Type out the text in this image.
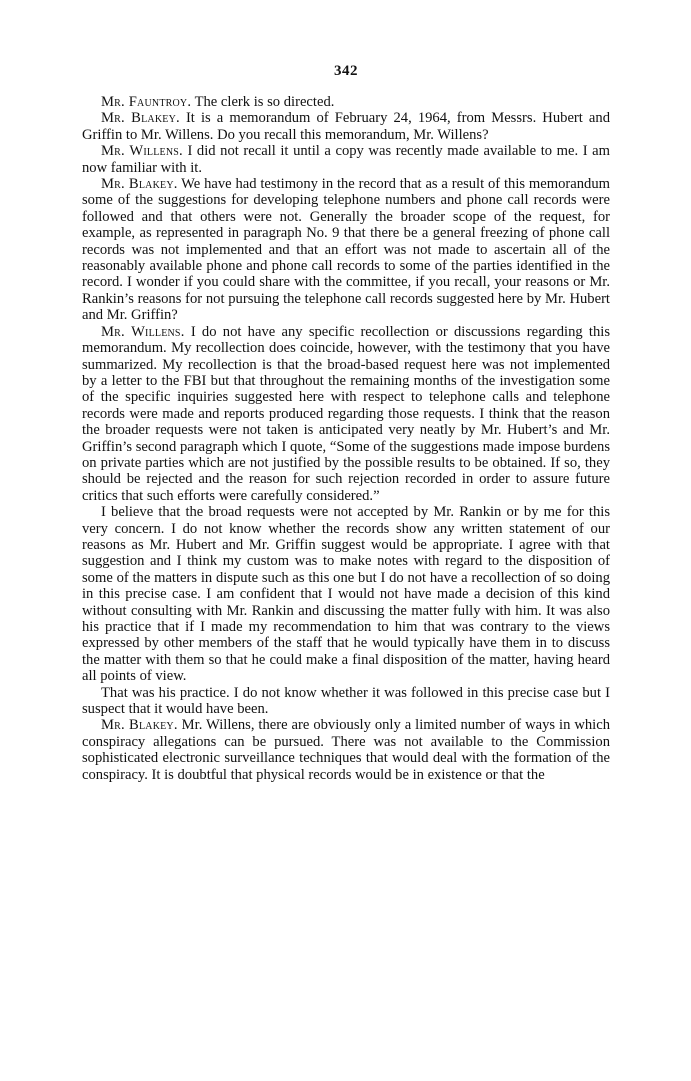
342

Mr. Fauntroy. The clerk is so directed.

Mr. Blakey. It is a memorandum of February 24, 1964, from Messrs. Hubert and Griffin to Mr. Willens. Do you recall this memorandum, Mr. Willens?

Mr. Willens. I did not recall it until a copy was recently made available to me. I am now familiar with it.

Mr. Blakey. We have had testimony in the record that as a result of this memorandum some of the suggestions for developing telephone numbers and phone call records were followed and that others were not. Generally the broader scope of the request, for example, as represented in paragraph No. 9 that there be a general freezing of phone call records was not implemented and that an effort was not made to ascertain all of the reasonably available phone and phone call records to some of the parties identified in the record. I wonder if you could share with the committee, if you recall, your reasons or Mr. Rankin’s reasons for not pursuing the telephone call records suggested here by Mr. Hubert and Mr. Griffin?

Mr. Willens. I do not have any specific recollection or discussions regarding this memorandum. My recollection does coincide, however, with the testimony that you have summarized. My recollection is that the broad-based request here was not implemented by a letter to the FBI but that throughout the remaining months of the investigation some of the specific inquiries suggested here with respect to telephone calls and telephone records were made and reports produced regarding those requests. I think that the reason the broader requests were not taken is anticipated very neatly by Mr. Hubert’s and Mr. Griffin’s second paragraph which I quote, “Some of the suggestions made impose burdens on private parties which are not justified by the possible results to be obtained. If so, they should be rejected and the reason for such rejection recorded in order to assure future critics that such efforts were carefully considered.”

I believe that the broad requests were not accepted by Mr. Rankin or by me for this very concern. I do not know whether the records show any written statement of our reasons as Mr. Hubert and Mr. Griffin suggest would be appropriate. I agree with that suggestion and I think my custom was to make notes with regard to the disposition of some of the matters in dispute such as this one but I do not have a recollection of so doing in this precise case. I am confident that I would not have made a decision of this kind without consulting with Mr. Rankin and discussing the matter fully with him. It was also his practice that if I made my recommendation to him that was contrary to the views expressed by other members of the staff that he would typically have them in to discuss the matter with them so that he could make a final disposition of the matter, having heard all points of view.

That was his practice. I do not know whether it was followed in this precise case but I suspect that it would have been.

Mr. Blakey. Mr. Willens, there are obviously only a limited number of ways in which conspiracy allegations can be pursued. There was not available to the Commission sophisticated electronic surveillance techniques that would deal with the formation of the conspiracy. It is doubtful that physical records would be in existence or that the
